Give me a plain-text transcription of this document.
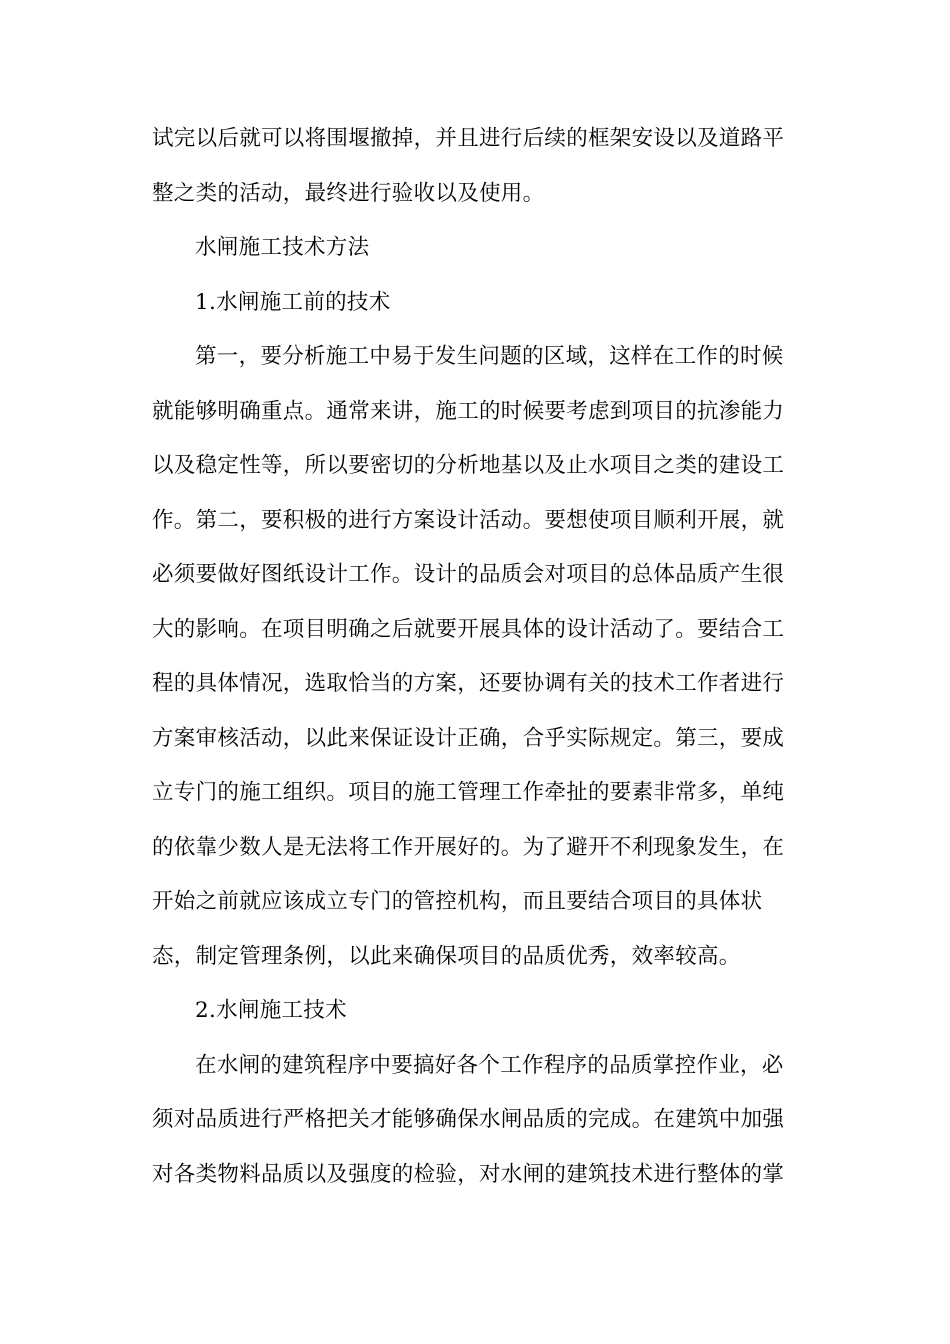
试完以后就可以将围堰撤掉，并且进行后续的框架安设以及道路平
整之类的活动，最终进行验收以及使用。
水闸施工技术方法
1.水闸施工前的技术
第一，要分析施工中易于发生问题的区域，这样在工作的时候
就能够明确重点。通常来讲，施工的时候要考虑到项目的抗渗能力
以及稳定性等，所以要密切的分析地基以及止水项目之类的建设工
作。第二，要积极的进行方案设计活动。要想使项目顺利开展，就
必须要做好图纸设计工作。设计的品质会对项目的总体品质产生很
大的影响。在项目明确之后就要开展具体的设计活动了。要结合工
程的具体情况，选取恰当的方案，还要协调有关的技术工作者进行
方案审核活动，以此来保证设计正确，合乎实际规定。第三，要成
立专门的施工组织。项目的施工管理工作牵扯的要素非常多，单纯
的依靠少数人是无法将工作开展好的。为了避开不利现象发生，在
开始之前就应该成立专门的管控机构，而且要结合项目的具体状
态，制定管理条例，以此来确保项目的品质优秀，效率较高。
2.水闸施工技术
在水闸的建筑程序中要搞好各个工作程序的品质掌控作业，必
须对品质进行严格把关才能够确保水闸品质的完成。在建筑中加强
对各类物料品质以及强度的检验，对水闸的建筑技术进行整体的掌
